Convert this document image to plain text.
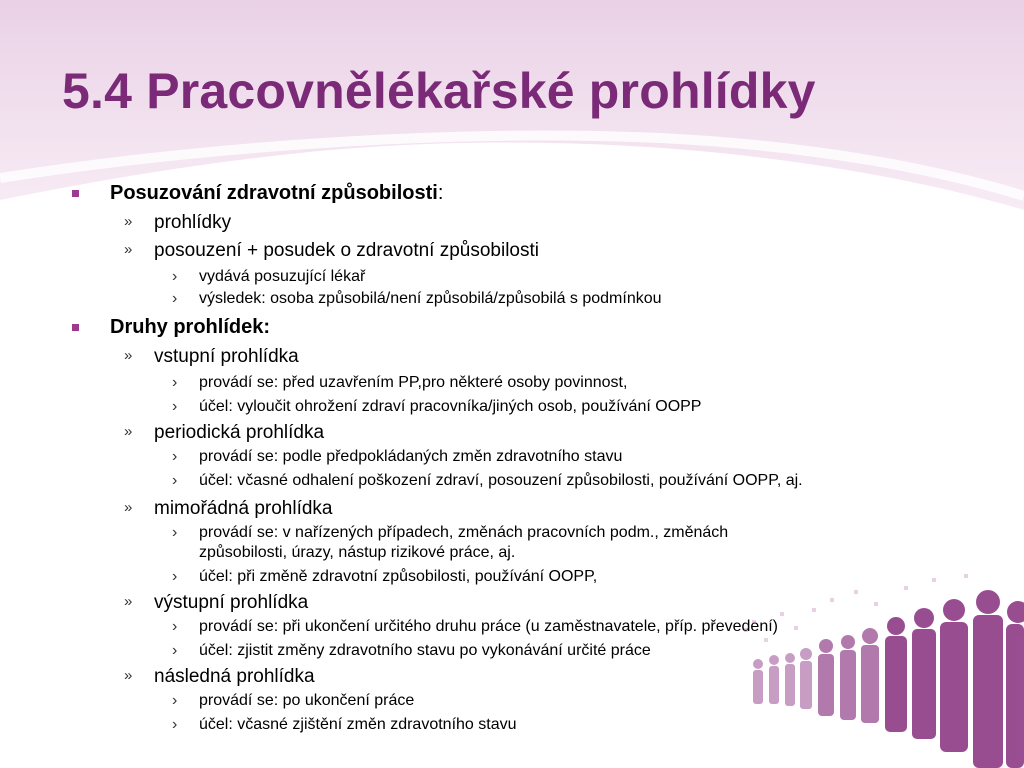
5.4 Pracovnělékařské prohlídky
Posuzování zdravotní způsobilosti:
» prohlídky
» posouzení + posudek o zdravotní způsobilosti
› vydává posuzující lékař
› výsledek: osoba způsobilá/není způsobilá/způsobilá s podmínkou
Druhy prohlídek:
» vstupní prohlídka
› provádí se: před uzavřením PP,pro některé osoby povinnost,
› účel: vyloučit ohrožení zdraví pracovníka/jiných osob, používání OOPP
» periodická prohlídka
› provádí se: podle předpokládaných změn zdravotního stavu
› účel: včasné odhalení poškození zdraví, posouzení způsobilosti, používání OOPP, aj.
» mimořádná prohlídka
› provádí se: v nařízených případech, změnách pracovních podm., změnách
způsobilosti, úrazy, nástup rizikové práce, aj.
› účel: při změně zdravotní způsobilosti, používání OOPP,
» výstupní prohlídka
› provádí se: při ukončení určitého druhu práce (u zaměstnavatele, příp. převedení)
› účel: zjistit změny zdravotního stavu po vykonávání určité práce
» následná prohlídka
› provádí se: po ukončení práce
› účel: včasné zjištění změn zdravotního stavu
